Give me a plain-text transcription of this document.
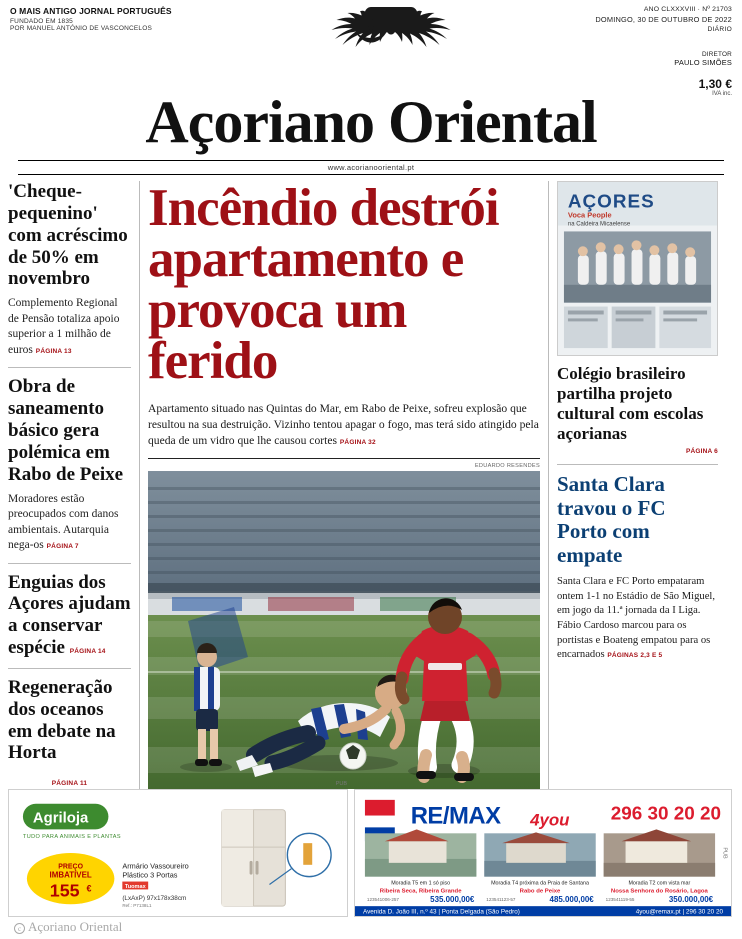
O MAIS ANTIGO JORNAL PORTUGUÊS
FUNDADO EM 1835
POR MANUEL ANTÓNIO DE VASCONCELOS
ANO CLXXXVIII · Nº 21703
DOMINGO, 30 DE OUTUBRO DE 2022
DIÁRIO
DIRETOR
PAULO SIMÕES
1,30 €
IVA inc.
Açoriano Oriental
www.acorianooriental.pt
'Cheque-pequenino' com acréscimo de 50% em novembro
Complemento Regional de Pensão totaliza apoio superior a 1 milhão de euros PÁGINA 13
Obra de saneamento básico gera polémica em Rabo de Peixe
Moradores estão preocupados com danos ambientais. Autarquia nega-os PÁGINA 7
Enguias dos Açores ajudam a conservar espécie PÁGINA 14
Regeneração dos oceanos em debate na Horta
PÁGINA 11
Incêndio destrói apartamento e provoca um ferido
Apartamento situado nas Quintas do Mar, em Rabo de Peixe, sofreu explosão que resultou na sua destruição. Vizinho tentou apagar o fogo, mas terá sido atingido pela queda de um vidro que lhe causou cortes PÁGINA 32
EDUARDO RESENDES
AÇORES
Voca People
na Caldeira Micaelense
Colégio brasileiro partilha projeto cultural com escolas açorianas
PÁGINA 6
Santa Clara travou o FC Porto com empate
Santa Clara e FC Porto empataram ontem 1-1 no Estádio de São Miguel, em jogo da 11.ª jornada da I Liga. Fábio Cardoso marcou para os portistas e Boateng empatou para os encarnados PÁGINAS 2,3 E 5
PUB
Agriloja
TUDO PARA ANIMAIS E PLANTAS
PREÇO
IMBATÍVEL
155 €
Armário Vassoureiro
Plástico 3 Portas
Tuomax
(LxAxP) 97x178x38cm
Ref.: P7138L1
PUB
RE/MAX 4you 296 30 20 20
Moradia T5 em 1 só piso
Ribeira Seca, Ribeira Grande
123541006-257	535.000,00€
Moradia T4 próxima da Praia de Santana
Rabo de Peixe
123541123-57	485.000,00€
Moradia T2 com vista mar
Nossa Senhora do Rosário, Lagoa
123541119-55	350.000,00€
Avenida D. João III, n.º 43 | Ponta Delgada (São Pedro)	4you@remax.pt | 296 30 20 20
c Açoriano Oriental
